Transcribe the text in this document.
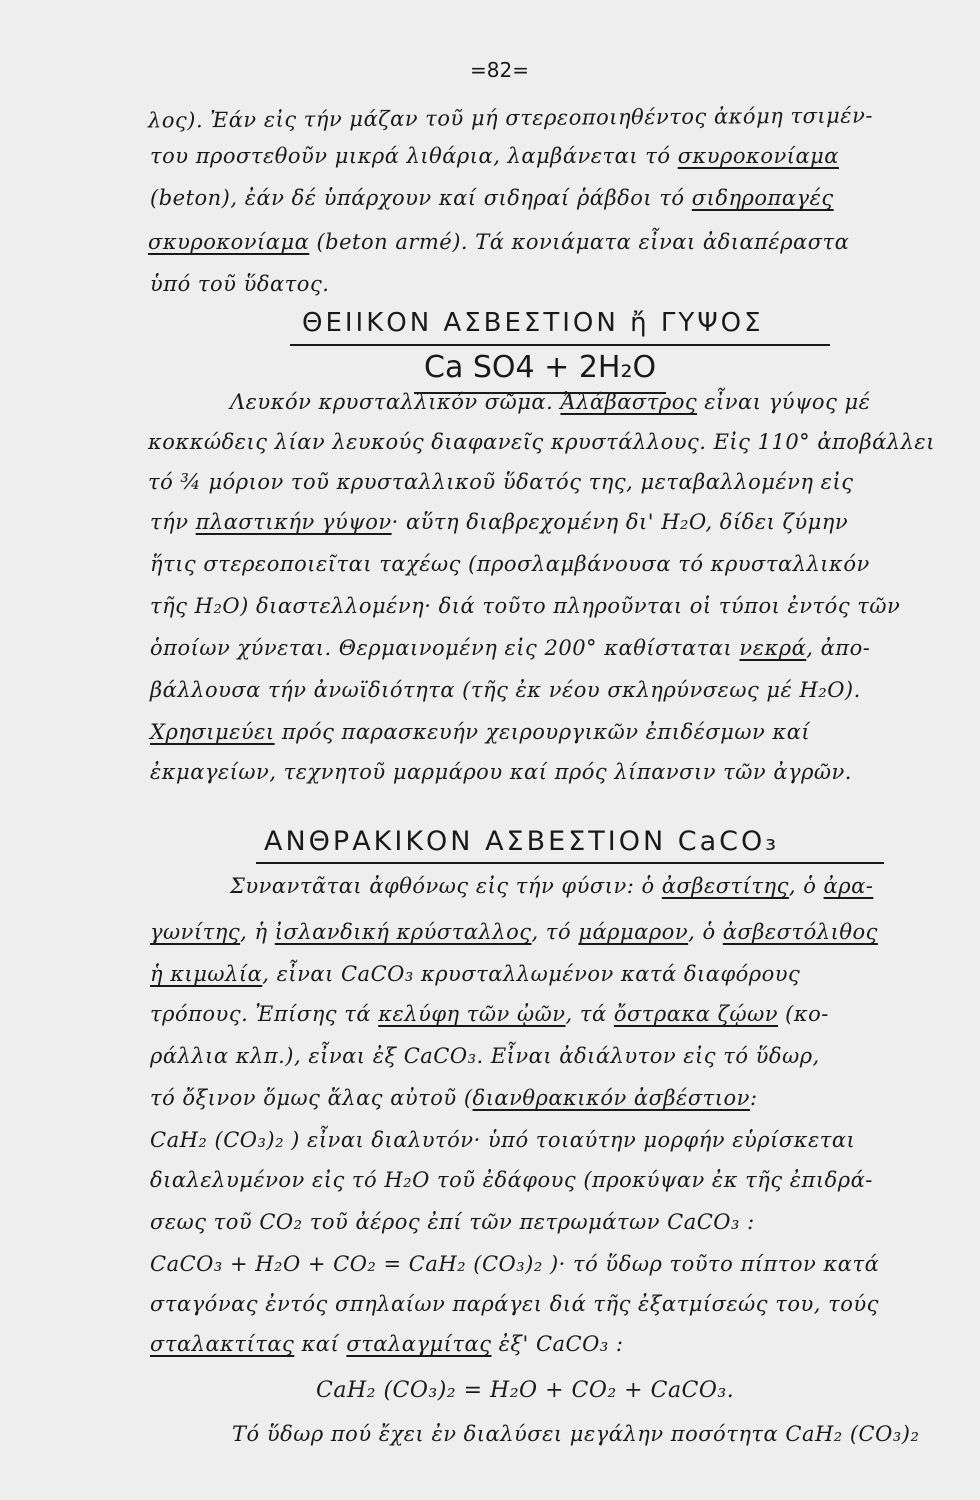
=82=
λος). Ἐάν εἰς τήν μάζαν τοῦ μή στερεοποιηθέντος ἀκόμη τσιμέν-
του προστεθοῦν μικρά λιθάρια, λαμβάνεται τό σκυροκονίαμα
(beton), ἐάν δέ ὑπάρχουν καί σιδηραί ῥάβδοι τό σιδηροπαγές
σκυροκονίαμα (beton armé). Τά κονιάματα εἶναι ἀδιαπέραστα
ὑπό τοῦ ὕδατος.
ΘΕΙΙΚΟΝ ΑΣΒΕΣΤΙΟΝ ἤ ΓΥΨΟΣ
Ca SO4 + 2H₂O
Λευκόν κρυσταλλικόν σῶμα. Ἀλάβαστρος εἶναι γύψος μέ
κοκκώδεις λίαν λευκούς διαφανεῖς κρυστάλλους. Εἰς 110° ἀποβάλλει
τό ¾ μόριον τοῦ κρυσταλλικοῦ ὕδατός της, μεταβαλλομένη εἰς
τήν πλαστικήν γύψον· αὕτη διαβρεχομένη δι' H₂O, δίδει ζύμην
ἥτις στερεοποιεῖται ταχέως (προσλαμβάνουσα τό κρυσταλλικόν
τῆς H₂O) διαστελλομένη· διά τοῦτο πληροῦνται οἱ τύποι ἐντός τῶν
ὁποίων χύνεται. Θερμαινομένη εἰς 200° καθίσταται νεκρά, ἀπο-
βάλλουσα τήν ἀνωϊδιότητα (τῆς ἐκ νέου σκληρύνσεως μέ H₂O).
Χρησιμεύει πρός παρασκευήν χειρουργικῶν ἐπιδέσμων καί
ἐκμαγείων, τεχνητοῦ μαρμάρου καί πρός λίπανσιν τῶν ἀγρῶν.
ΑΝΘΡΑΚΙΚΟΝ ΑΣΒΕΣΤΙΟΝ CaCO₃
Συναντᾶται ἀφθόνως εἰς τήν φύσιν: ὁ ἀσβεστίτης, ὁ ἀρα-
γωνίτης, ἡ ἰσλανδική κρύσταλλος, τό μάρμαρον, ὁ ἀσβεστόλιθος
ἡ κιμωλία, εἶναι CaCO₃ κρυσταλλωμένον κατά διαφόρους
τρόπους. Ἐπίσης τά κελύφη τῶν ᾠῶν, τά ὄστρακα ζῴων (κο-
ράλλια κλπ.), εἶναι ἐξ CaCO₃. Εἶναι ἀδιάλυτον εἰς τό ὕδωρ,
τό ὄξινον ὅμως ἅλας αὐτοῦ (διανθρακικόν ἀσβέστιον:
CaH₂ (CO₃)₂ ) εἶναι διαλυτόν· ὑπό τοιαύτην μορφήν εὑρίσκεται
διαλελυμένον εἰς τό H₂O τοῦ ἐδάφους (προκύψαν ἐκ τῆς ἐπιδρά-
σεως τοῦ CO₂ τοῦ ἀέρος ἐπί τῶν πετρωμάτων CaCO₃ :
CaCO₃ + H₂O + CO₂ = CaH₂ (CO₃)₂ )· τό ὕδωρ τοῦτο πίπτον κατά
σταγόνας ἐντός σπηλαίων παράγει διά τῆς ἐξατμίσεώς του, τούς
σταλακτίτας καί σταλαγμίτας ἐξ' CaCO₃ :
CaH₂ (CO₃)₂ = H₂O + CO₂ + CaCO₃.
Τό ὕδωρ πού ἔχει ἐν διαλύσει μεγάλην ποσότητα CaH₂ (CO₃)₂
